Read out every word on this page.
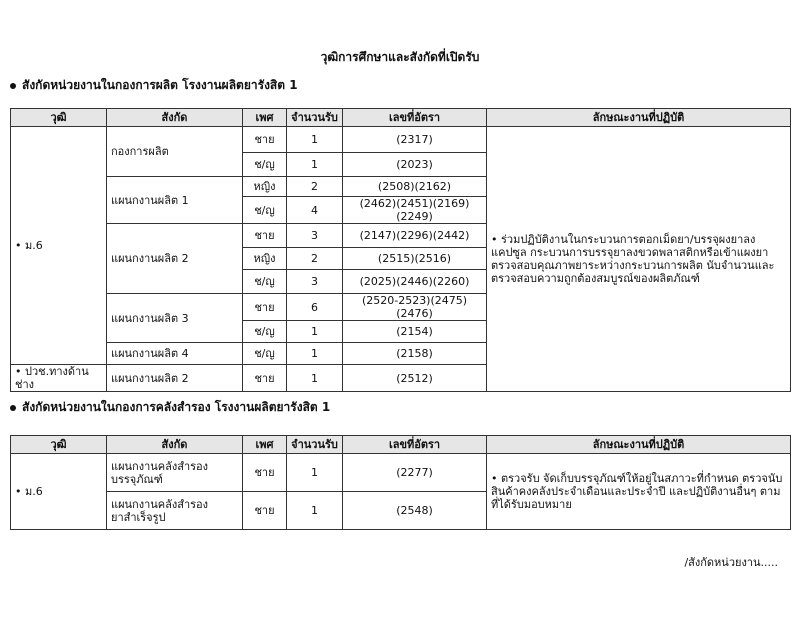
วุฒิการศึกษาและสังกัดที่เปิดรับ
สังกัดหน่วยงานในกองการผลิต โรงงานผลิตยารังสิต 1
วุฒิ	สังกัด	เพศ	จำนวนรับ	เลขที่อัตรา	ลักษณะงานที่ปฏิบัติ
• ม.6	กองการผลิต	ชาย	1	(2317)	• ร่วมปฏิบัติงานในกระบวนการตอกเม็ดยา/บรรจุผงยาลงแคปซูล กระบวนการบรรจุยาลงขวดพลาสติกหรือเข้าแผงยา ตรวจสอบคุณภาพยาระหว่างกระบวนการผลิต นับจำนวนและตรวจสอบความถูกต้องสมบูรณ์ของผลิตภัณฑ์
		ช/ญ	1	(2023)	
	แผนกงานผลิต 1	หญิง	2	(2508)(2162)	
		ช/ญ	4	(2462)(2451)(2169)(2249)	
	แผนกงานผลิต 2	ชาย	3	(2147)(2296)(2442)	
		หญิง	2	(2515)(2516)	
		ช/ญ	3	(2025)(2446)(2260)	
	แผนกงานผลิต 3	ชาย	6	(2520-2523)(2475)(2476)	
		ช/ญ	1	(2154)	
	แผนกงานผลิต 4	ช/ญ	1	(2158)	
• ปวช.ทางด้านช่าง	แผนกงานผลิต 2	ชาย	1	(2512)	
สังกัดหน่วยงานในกองการคลังสำรอง โรงงานผลิตยารังสิต 1
วุฒิ	สังกัด	เพศ	จำนวนรับ	เลขที่อัตรา	ลักษณะงานที่ปฏิบัติ
• ม.6	แผนกงานคลังสำรอง
บรรจุภัณฑ์	ชาย	1	(2277)	• ตรวจรับ จัดเก็บบรรจุภัณฑ์ให้อยู่ในสภาวะที่กำหนด ตรวจนับสินค้าคงคลังประจำเดือนและประจำปี และปฏิบัติงานอื่นๆ ตามที่ได้รับมอบหมาย

	แผนกงานคลังสำรอง
ยาสำเร็จรูป	ชาย	1	(2548)	
/สังกัดหน่วยงาน.....
